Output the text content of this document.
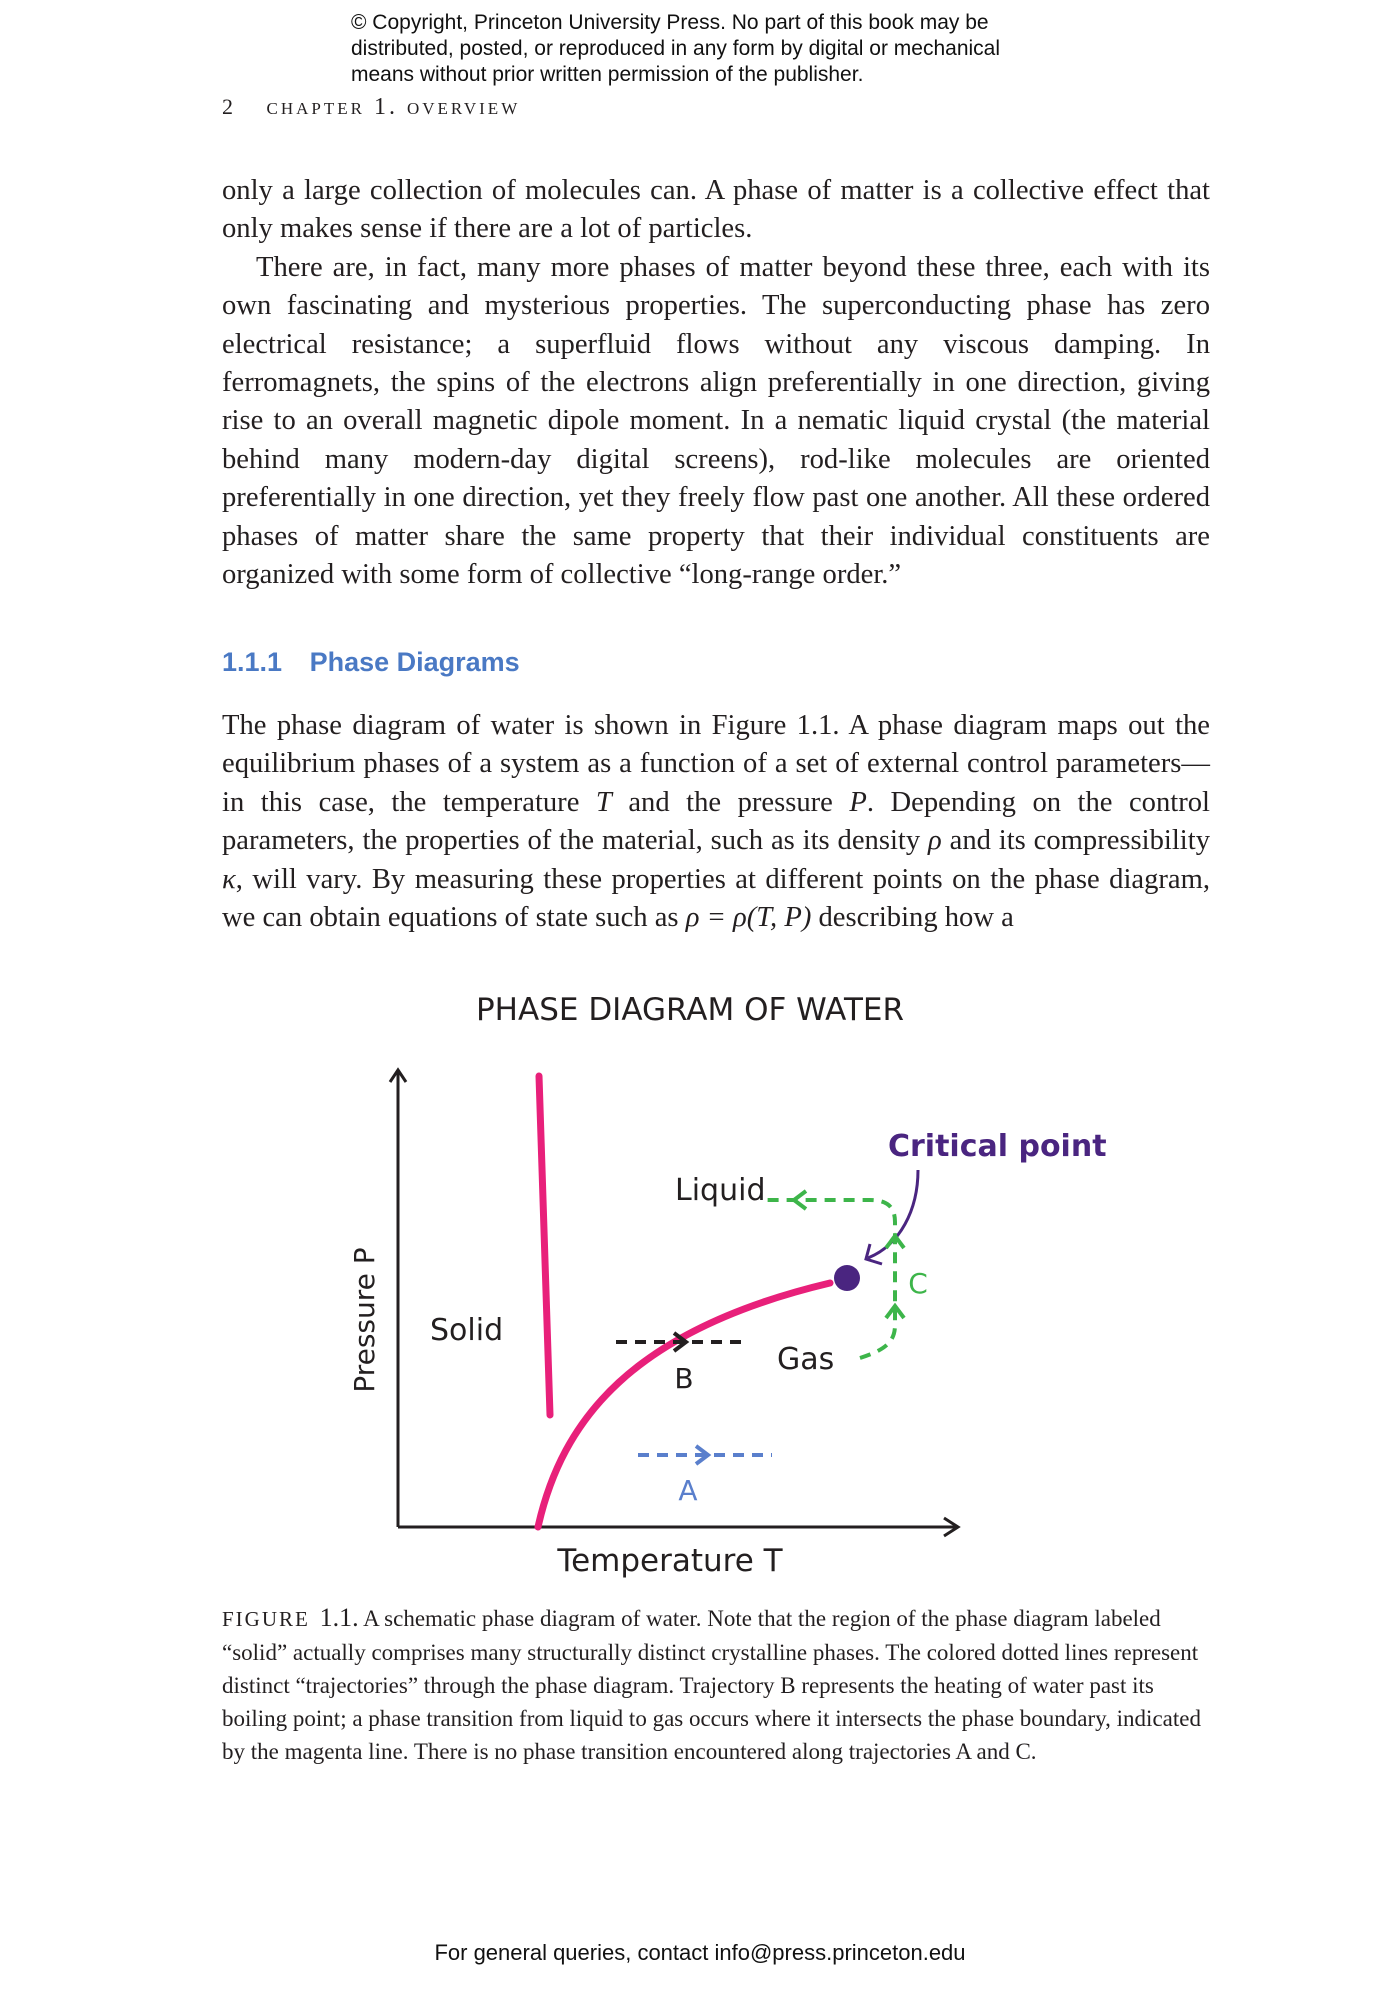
© Copyright, Princeton University Press. No part of this book may be
distributed, posted, or reproduced in any form by digital or mechanical
means without prior written permission of the publisher.
2 chapter 1. overview
only a large collection of molecules can. A phase of matter is a collective effect that only makes sense if there are a lot of particles.
There are, in fact, many more phases of matter beyond these three, each with its own fascinating and mysterious properties. The superconducting phase has zero electrical resistance; a superfluid flows without any viscous damping. In ferromagnets, the spins of the electrons align preferentially in one direction, giving rise to an overall magnetic dipole moment. In a nematic liquid crystal (the material behind many modern-day digital screens), rod-like molecules are oriented preferentially in one direction, yet they freely flow past one another. All these ordered phases of matter share the same property that their individual constituents are organized with some form of collective “long-range order.”
1.1.1 Phase Diagrams
The phase diagram of water is shown in Figure 1.1. A phase diagram maps out the equilibrium phases of a system as a function of a set of external control parameters—in this case, the temperature T and the pressure P. Depending on the control parameters, the properties of the material, such as its density ρ and its compressibility κ, will vary. By measuring these properties at different points on the phase diagram, we can obtain equations of state such as ρ = ρ(T, P) describing how a
PHASE DIAGRAM OF WATER
Pressure P
Temperature T
Critical point
Solid
Liquid
Gas
B
A
C
FIGURE 1.1. A schematic phase diagram of water. Note that the region of the phase diagram labeled “solid” actually comprises many structurally distinct crystalline phases. The colored dotted lines represent distinct “trajectories” through the phase diagram. Trajectory B represents the heating of water past its boiling point; a phase transition from liquid to gas occurs where it intersects the phase boundary, indicated by the magenta line. There is no phase transition encountered along trajectories A and C.
For general queries, contact info@press.princeton.edu
